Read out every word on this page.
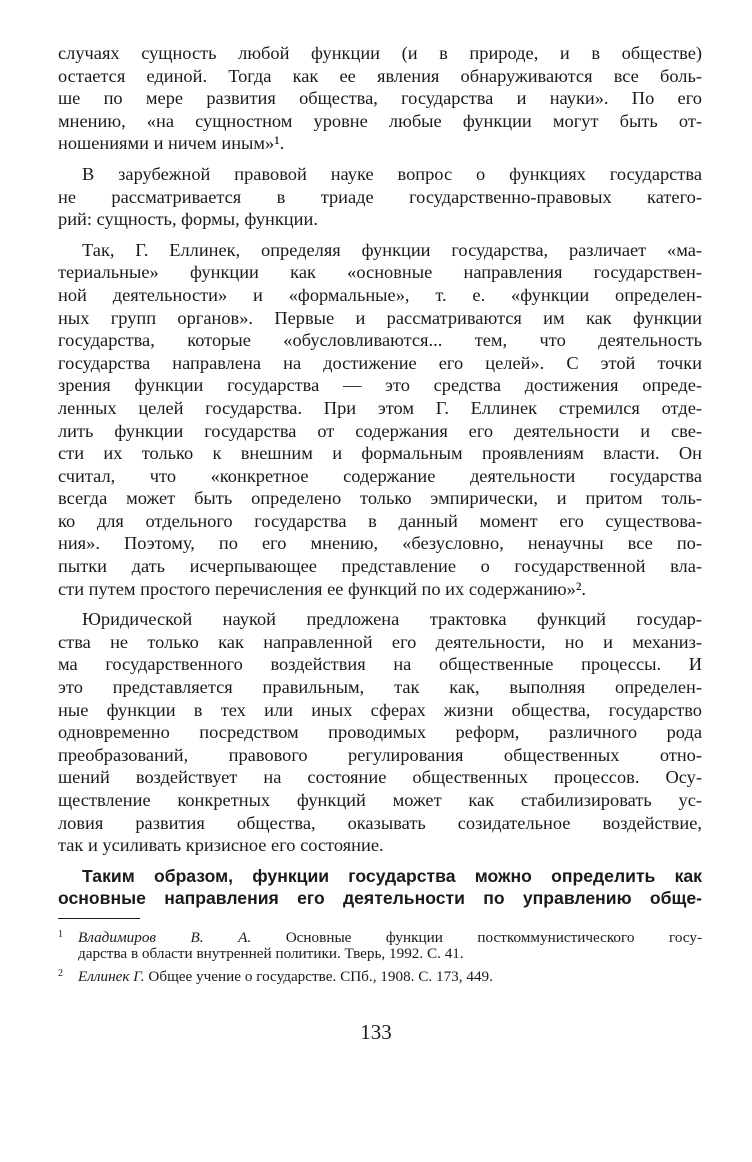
случаях сущность любой функции (и в природе, и в обществе)
остается единой. Тогда как ее явления обнаруживаются все боль-
ше по мере развития общества, государства и науки». По его
мнению, «на сущностном уровне любые функции могут быть от-
ношениями и ничем иным»¹.
В зарубежной правовой науке вопрос о функциях государства
не рассматривается в триаде государственно-правовых катего-
рий: сущность, формы, функции.
Так, Г. Еллинек, определяя функции государства, различает «ма-
териальные» функции как «основные направления государствен-
ной деятельности» и «формальные», т. е. «функции определен-
ных групп органов». Первые и рассматриваются им как функции
государства, которые «обусловливаются... тем, что деятельность
государства направлена на достижение его целей». С этой точки
зрения функции государства — это средства достижения опреде-
ленных целей государства. При этом Г. Еллинек стремился отде-
лить функции государства от содержания его деятельности и све-
сти их только к внешним и формальным проявлениям власти. Он
считал, что «конкретное содержание деятельности государства
всегда может быть определено только эмпирически, и притом толь-
ко для отдельного государства в данный момент его существова-
ния». Поэтому, по его мнению, «безусловно, ненаучны все по-
пытки дать исчерпывающее представление о государственной вла-
сти путем простого перечисления ее функций по их содержанию»².
Юридической наукой предложена трактовка функций государ-
ства не только как направленной его деятельности, но и механиз-
ма государственного воздействия на общественные процессы. И
это представляется правильным, так как, выполняя определен-
ные функции в тех или иных сферах жизни общества, государство
одновременно посредством проводимых реформ, различного рода
преобразований, правового регулирования общественных отно-
шений воздействует на состояние общественных процессов. Осу-
ществление конкретных функций может как стабилизировать ус-
ловия развития общества, оказывать созидательное воздействие,
так и усиливать кризисное его состояние.
Таким образом, функции государства можно определить как
основные направления его деятельности по управлению обще-
1 Владимиров В. А. Основные функции посткоммунистического госу-
дарства в области внутренней политики. Тверь, 1992. С. 41.
2 Еллинек Г. Общее учение о государстве. СПб., 1908. С. 173, 449.
133
